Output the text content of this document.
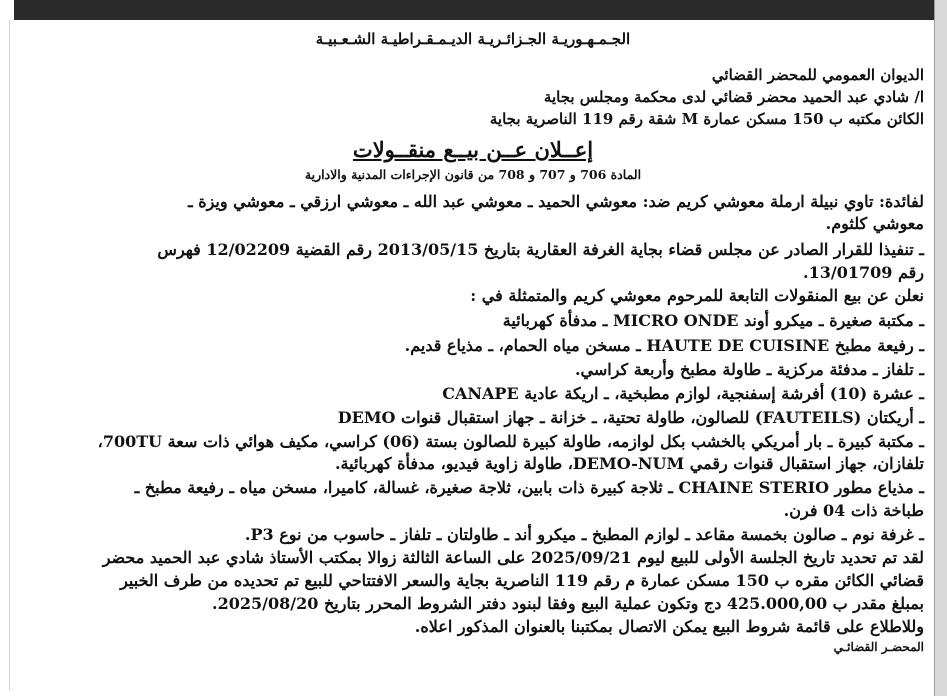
الجـمـهـوريـة الجـزائـريـة الديـمـقـراطيـة الشـعـبيـة
الديوان العمومي للمحضر القضائي
ا/ شادي عبد الحميد محضر قضائي لدى محكمة ومجلس بجاية
الكائن مكتبه ب 150 مسكن عمارة M شقة رقم 119 الناصرية بجاية
إعــلان عــن بيــع منقــولات
المادة 706 و 707 و 708 من قانون الإجراءات المدنية والادارية
لفائدة: تاوي نبيلة ارملة معوشي كريم ضد: معوشي الحميد ـ معوشي عبد الله ـ معوشي ارزقي ـ معوشي ويزة ـ
معوشي كلثوم.
ـ تنفيذا للقرار الصادر عن مجلس قضاء بجاية الغرفة العقارية بتاريخ 2013/05/15 رقم القضية 12/02209 فهرس
رقم 13/01709.
نعلن عن بيع المنقولات التابعة للمرحوم معوشي كريم والمتمثلة في :
ـ مكتبة صغيرة ـ ميكرو أوند MICRO ONDE ـ مدفأة كهربائية
ـ رفيعة مطبخ HAUTE DE CUISINE ـ مسخن مياه الحمام، ـ مذياع قديم.
ـ تلفاز ـ مدفئة مركزية ـ طاولة مطبخ وأربعة كراسي.
ـ عشرة (10) أفرشة إسفنجية، لوازم مطبخية، ـ اريكة عادية CANAPE
ـ أريكتان (FAUTEILS) للصالون، طاولة تحتية، ـ خزانة ـ جهاز استقبال قنوات DEMO
ـ مكتبة كبيرة ـ بار أمريكي بالخشب بكل لوازمه، طاولة كبيرة للصالون بستة (06) كراسي، مكيف هوائي ذات سعة 700TU،
تلفازان، جهاز استقبال قنوات رقمي DEMO-NUM، طاولة زاوية فيديو، مدفأة كهربائية.
ـ مذياع مطور CHAINE STERIO ـ ثلاجة كبيرة ذات بابين، ثلاجة صغيرة، غسالة، كاميرا، مسخن مياه ـ رفيعة مطبخ ـ
طباخة ذات 04 فرن.
ـ غرفة نوم ـ صالون بخمسة مقاعد ـ لوازم المطبخ ـ ميكرو أند ـ طاولتان ـ تلفاز ـ حاسوب من نوع P3.
لقد تم تحديد تاريخ الجلسة الأولى للبيع ليوم 2025/09/21 على الساعة الثالثة زوالا بمكتب الأستاذ شادي عبد الحميد محضر
قضائي الكائن مقره ب 150 مسكن عمارة م رقم 119 الناصرية بجاية والسعر الافتتاحي للبيع تم تحديده من طرف الخبير
بمبلغ مقدر ب 425.000,00 دج وتكون عملية البيع وفقا لبنود دفتر الشروط المحرر بتاريخ 2025/08/20.
وللاطلاع على قائمة شروط البيع يمكن الاتصال بمكتبنا بالعنوان المذكور اعلاه.
المحضـر القضائـي
